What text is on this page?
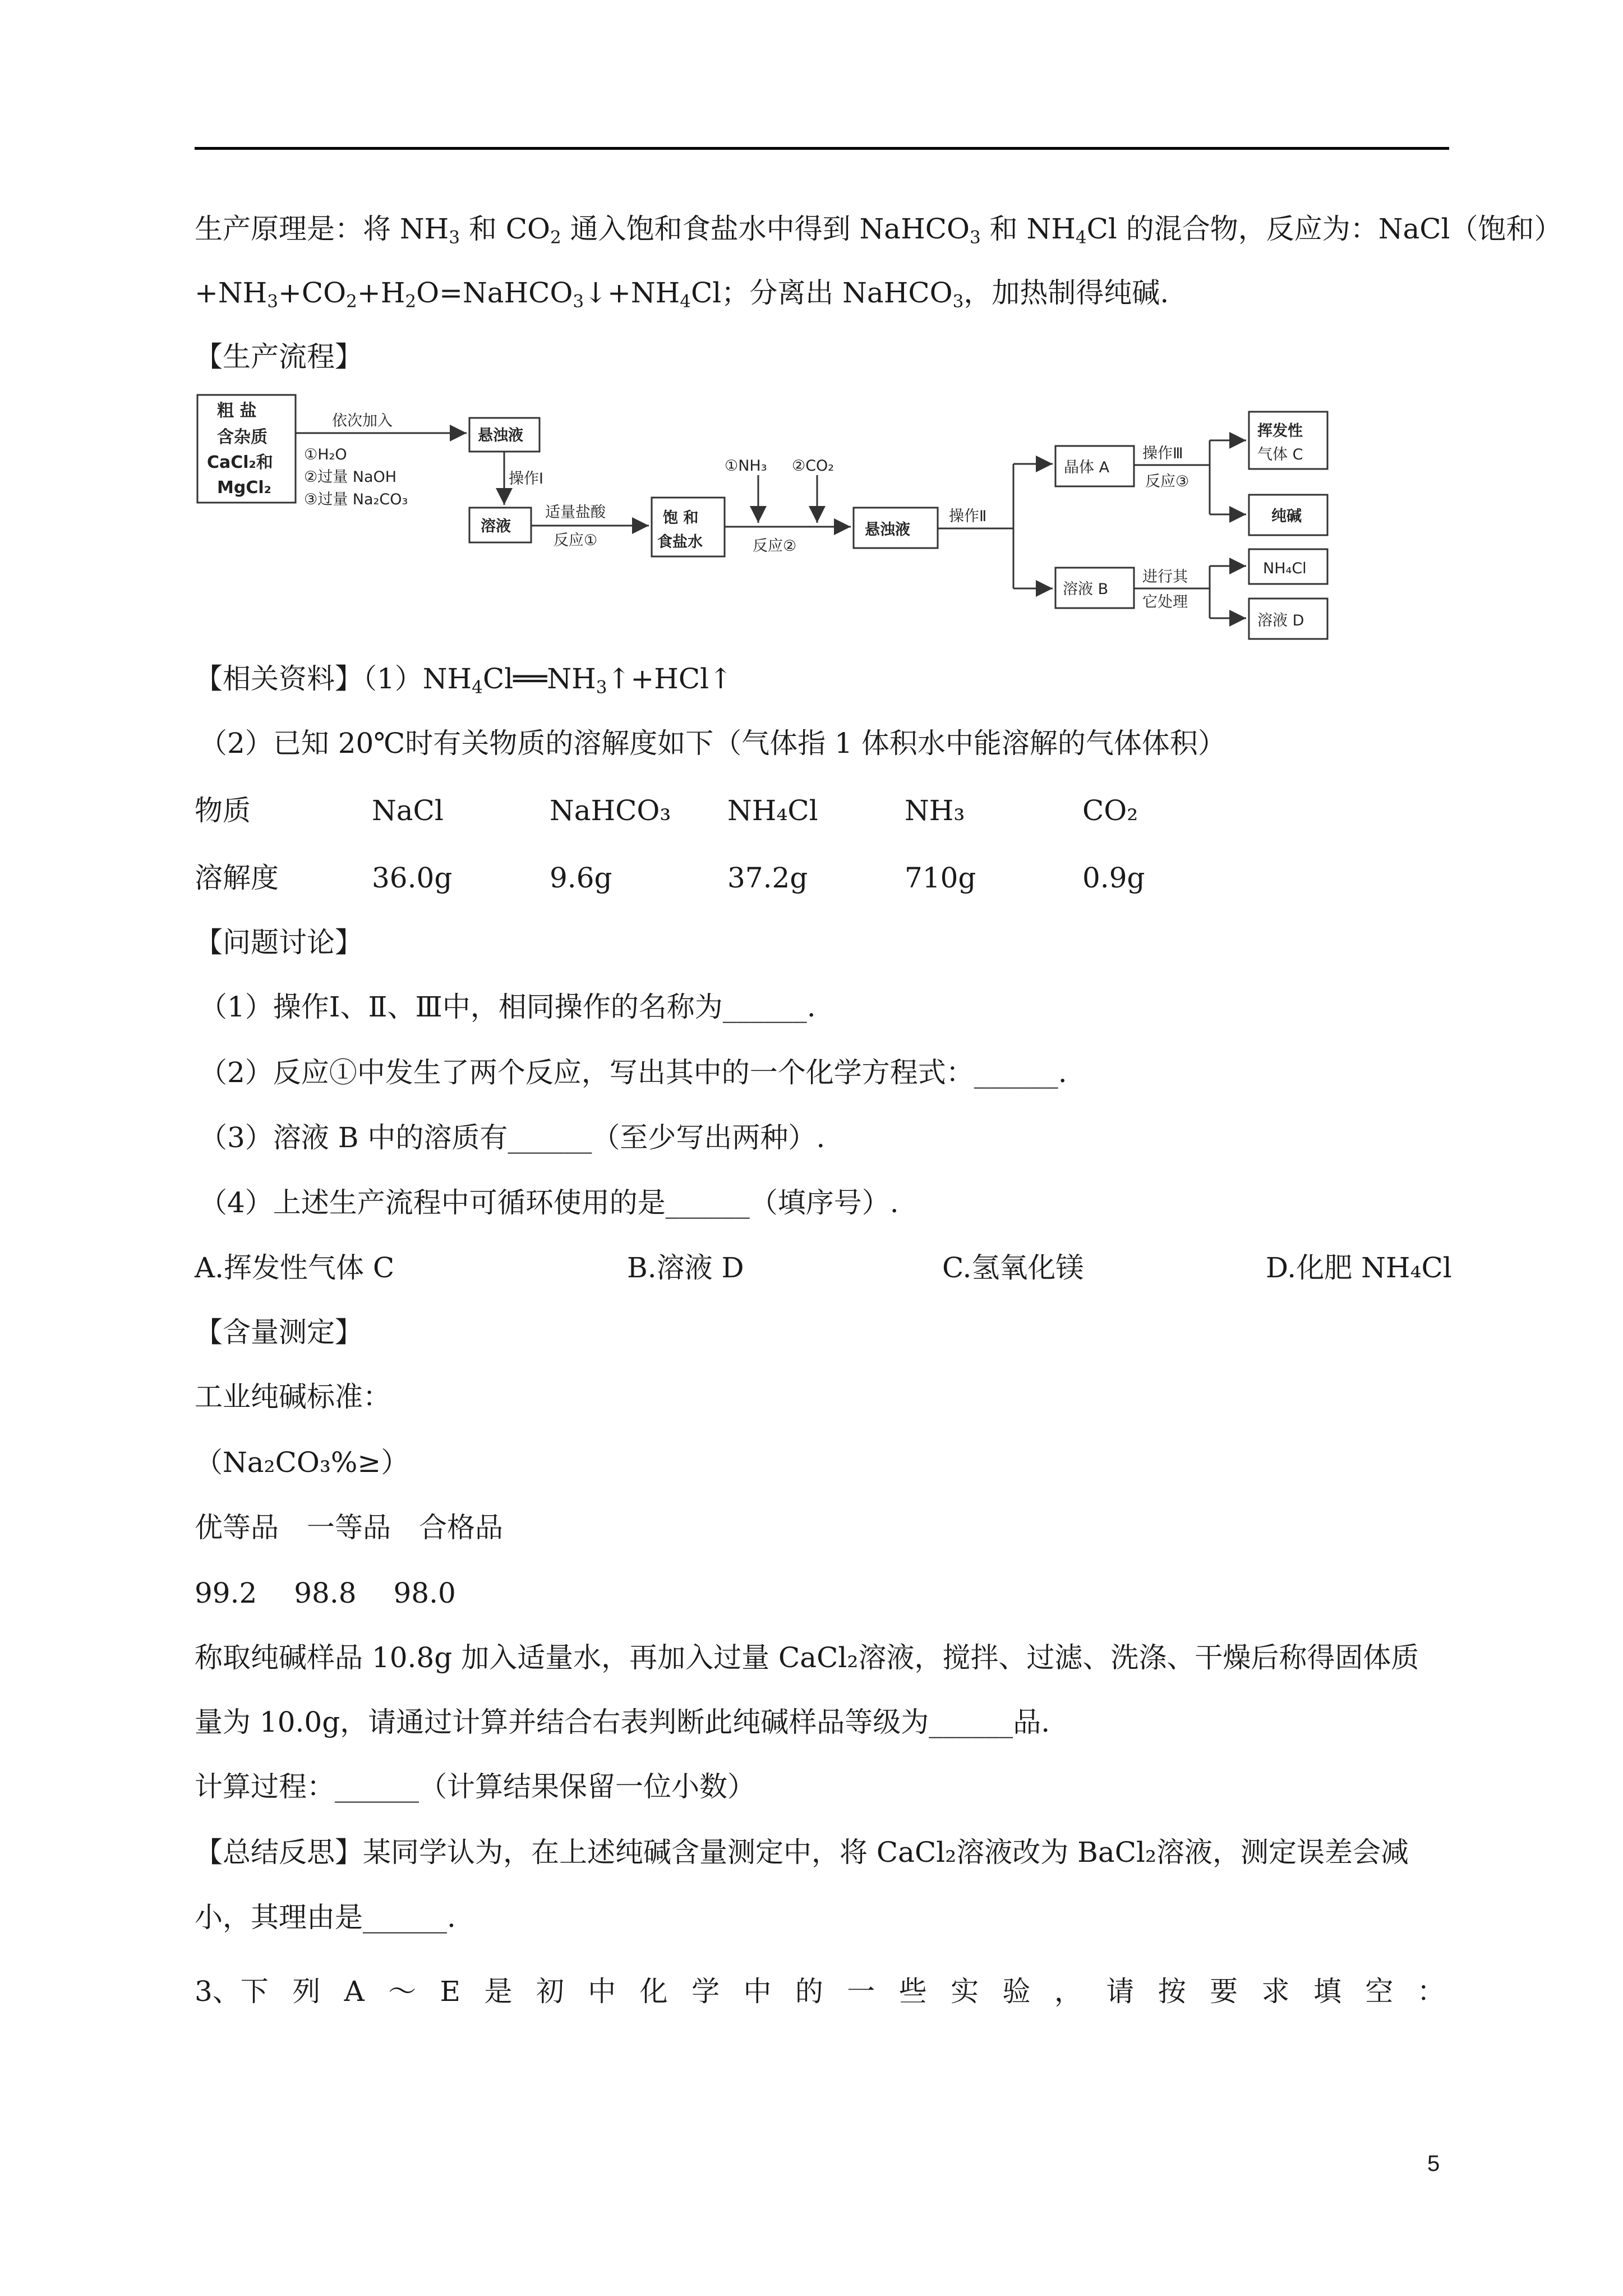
生产原理是：将 $NH_3$ 和 $CO_2$ 通入饱和食盐水中得到 NaHCO$_3$ 和 $NH_4Cl$ 的混合物，反应为：NaCl（饱和）
$+NH_3+CO_2+H_2O=NaHCO_3↓+NH_4Cl$；分离出 NaHCO$_3$，加热制得纯碱.
【生产流程】
粗 盐
含杂质
CaCl₂和
MgCl₂
依次加入
①H₂O
②过量 NaOH
③过量 Na₂CO₃
悬浊液
操作Ⅰ
溶液
适量盐酸
反应①
饱 和
食盐水
①NH₃ ②CO₂
反应②
悬浊液
操作Ⅱ
晶体 A
操作Ⅲ
反应③
挥发性
气体 C
纯碱
溶液 B
进行其
它处理
NH₄Cl
溶液 D
【相关资料】$(1)NH_4Cl══NH_3↑+HCl↑$
（2）已知 20℃时有关物质的溶解度如下（气体指 1 体积水中能溶解的气体体积）
物质	NaCl	NaHCO₃ NH₄Cl	NH₃	CO₂
溶解度	36.0g	9.6g	37.2g	710g	0.9g
【问题讨论】
（1）操作Ⅰ、Ⅱ、Ⅲ中，相同操作的名称为______.
（2）反应①中发生了两个反应，写出其中的一个化学方程式：______.
（3）溶液 B 中的溶质有______（至少写出两种）.
（4）上述生产流程中可循环使用的是______（填序号）.
A.挥发性气体 C	B.溶液 D	C.氢氧化镁	D.化肥 NH₄Cl
【含量测定】
工业纯碱标准：
（Na₂CO₃%≥）
优等品　一等品　合格品
99.2　 98.8　 98.0
称取纯碱样品 10.8g 加入适量水，再加入过量 CaCl₂溶液，搅拌、过滤、洗涤、干燥后称得固体质
量为 10.0g，请通过计算并结合右表判断此纯碱样品等级为______品.
计算过程：______（计算结果保留一位小数）
【总结反思】某同学认为，在上述纯碱含量测定中，将 CaCl₂溶液改为 BaCl₂溶液，测定误差会减
小，其理由是______.
3、下 列 A ～ E 是 初 中 化 学 中 的 一 些 实 验 ， 请 按 要 求 填 空 ：
5
